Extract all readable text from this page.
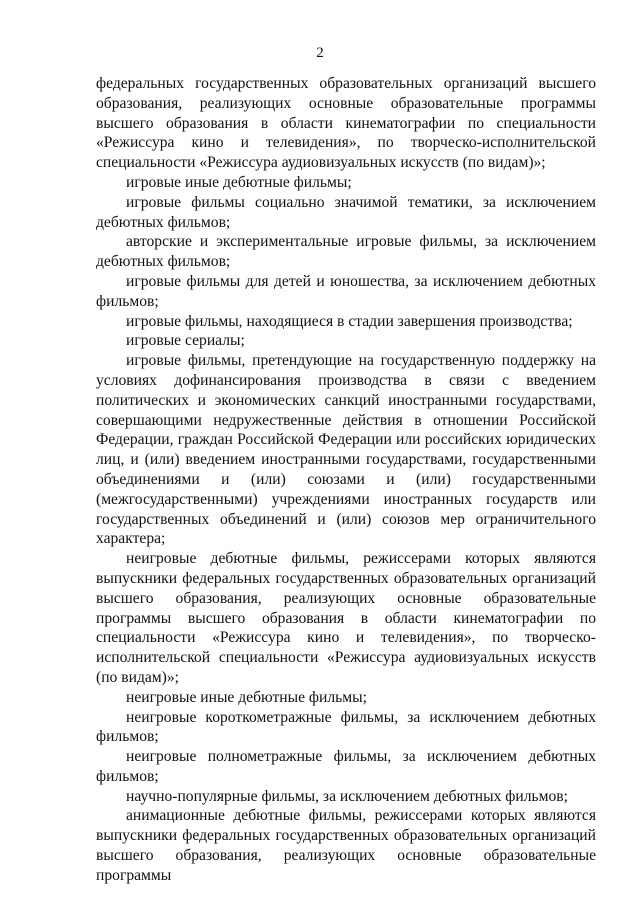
2

федеральных государственных образовательных организаций высшего образования, реализующих основные образовательные программы высшего образования в области кинематографии по специальности «Режиссура кино и телевидения», по творческо-исполнительской специальности «Режиссура аудиовизуальных искусств (по видам)»;

игровые иные дебютные фильмы;

игровые фильмы социально значимой тематики, за исключением дебютных фильмов;

авторские и экспериментальные игровые фильмы, за исключением дебютных фильмов;

игровые фильмы для детей и юношества, за исключением дебютных фильмов;

игровые фильмы, находящиеся в стадии завершения производства;

игровые сериалы;

игровые фильмы, претендующие на государственную поддержку на условиях дофинансирования производства в связи с введением политических и экономических санкций иностранными государствами, совершающими недружественные действия в отношении Российской Федерации, граждан Российской Федерации или российских юридических лиц, и (или) введением иностранными государствами, государственными объединениями и (или) союзами и (или) государственными (межгосударственными) учреждениями иностранных государств или государственных объединений и (или) союзов мер ограничительного характера;

неигровые дебютные фильмы, режиссерами которых являются выпускники федеральных государственных образовательных организаций высшего образования, реализующих основные образовательные программы высшего образования в области кинематографии по специальности «Режиссура кино и телевидения», по творческо-исполнительской специальности «Режиссура аудиовизуальных искусств (по видам)»;

неигровые иные дебютные фильмы;

неигровые короткометражные фильмы, за исключением дебютных фильмов;

неигровые полнометражные фильмы, за исключением дебютных фильмов;

научно-популярные фильмы, за исключением дебютных фильмов;

анимационные дебютные фильмы, режиссерами которых являются выпускники федеральных государственных образовательных организаций высшего образования, реализующих основные образовательные программы
